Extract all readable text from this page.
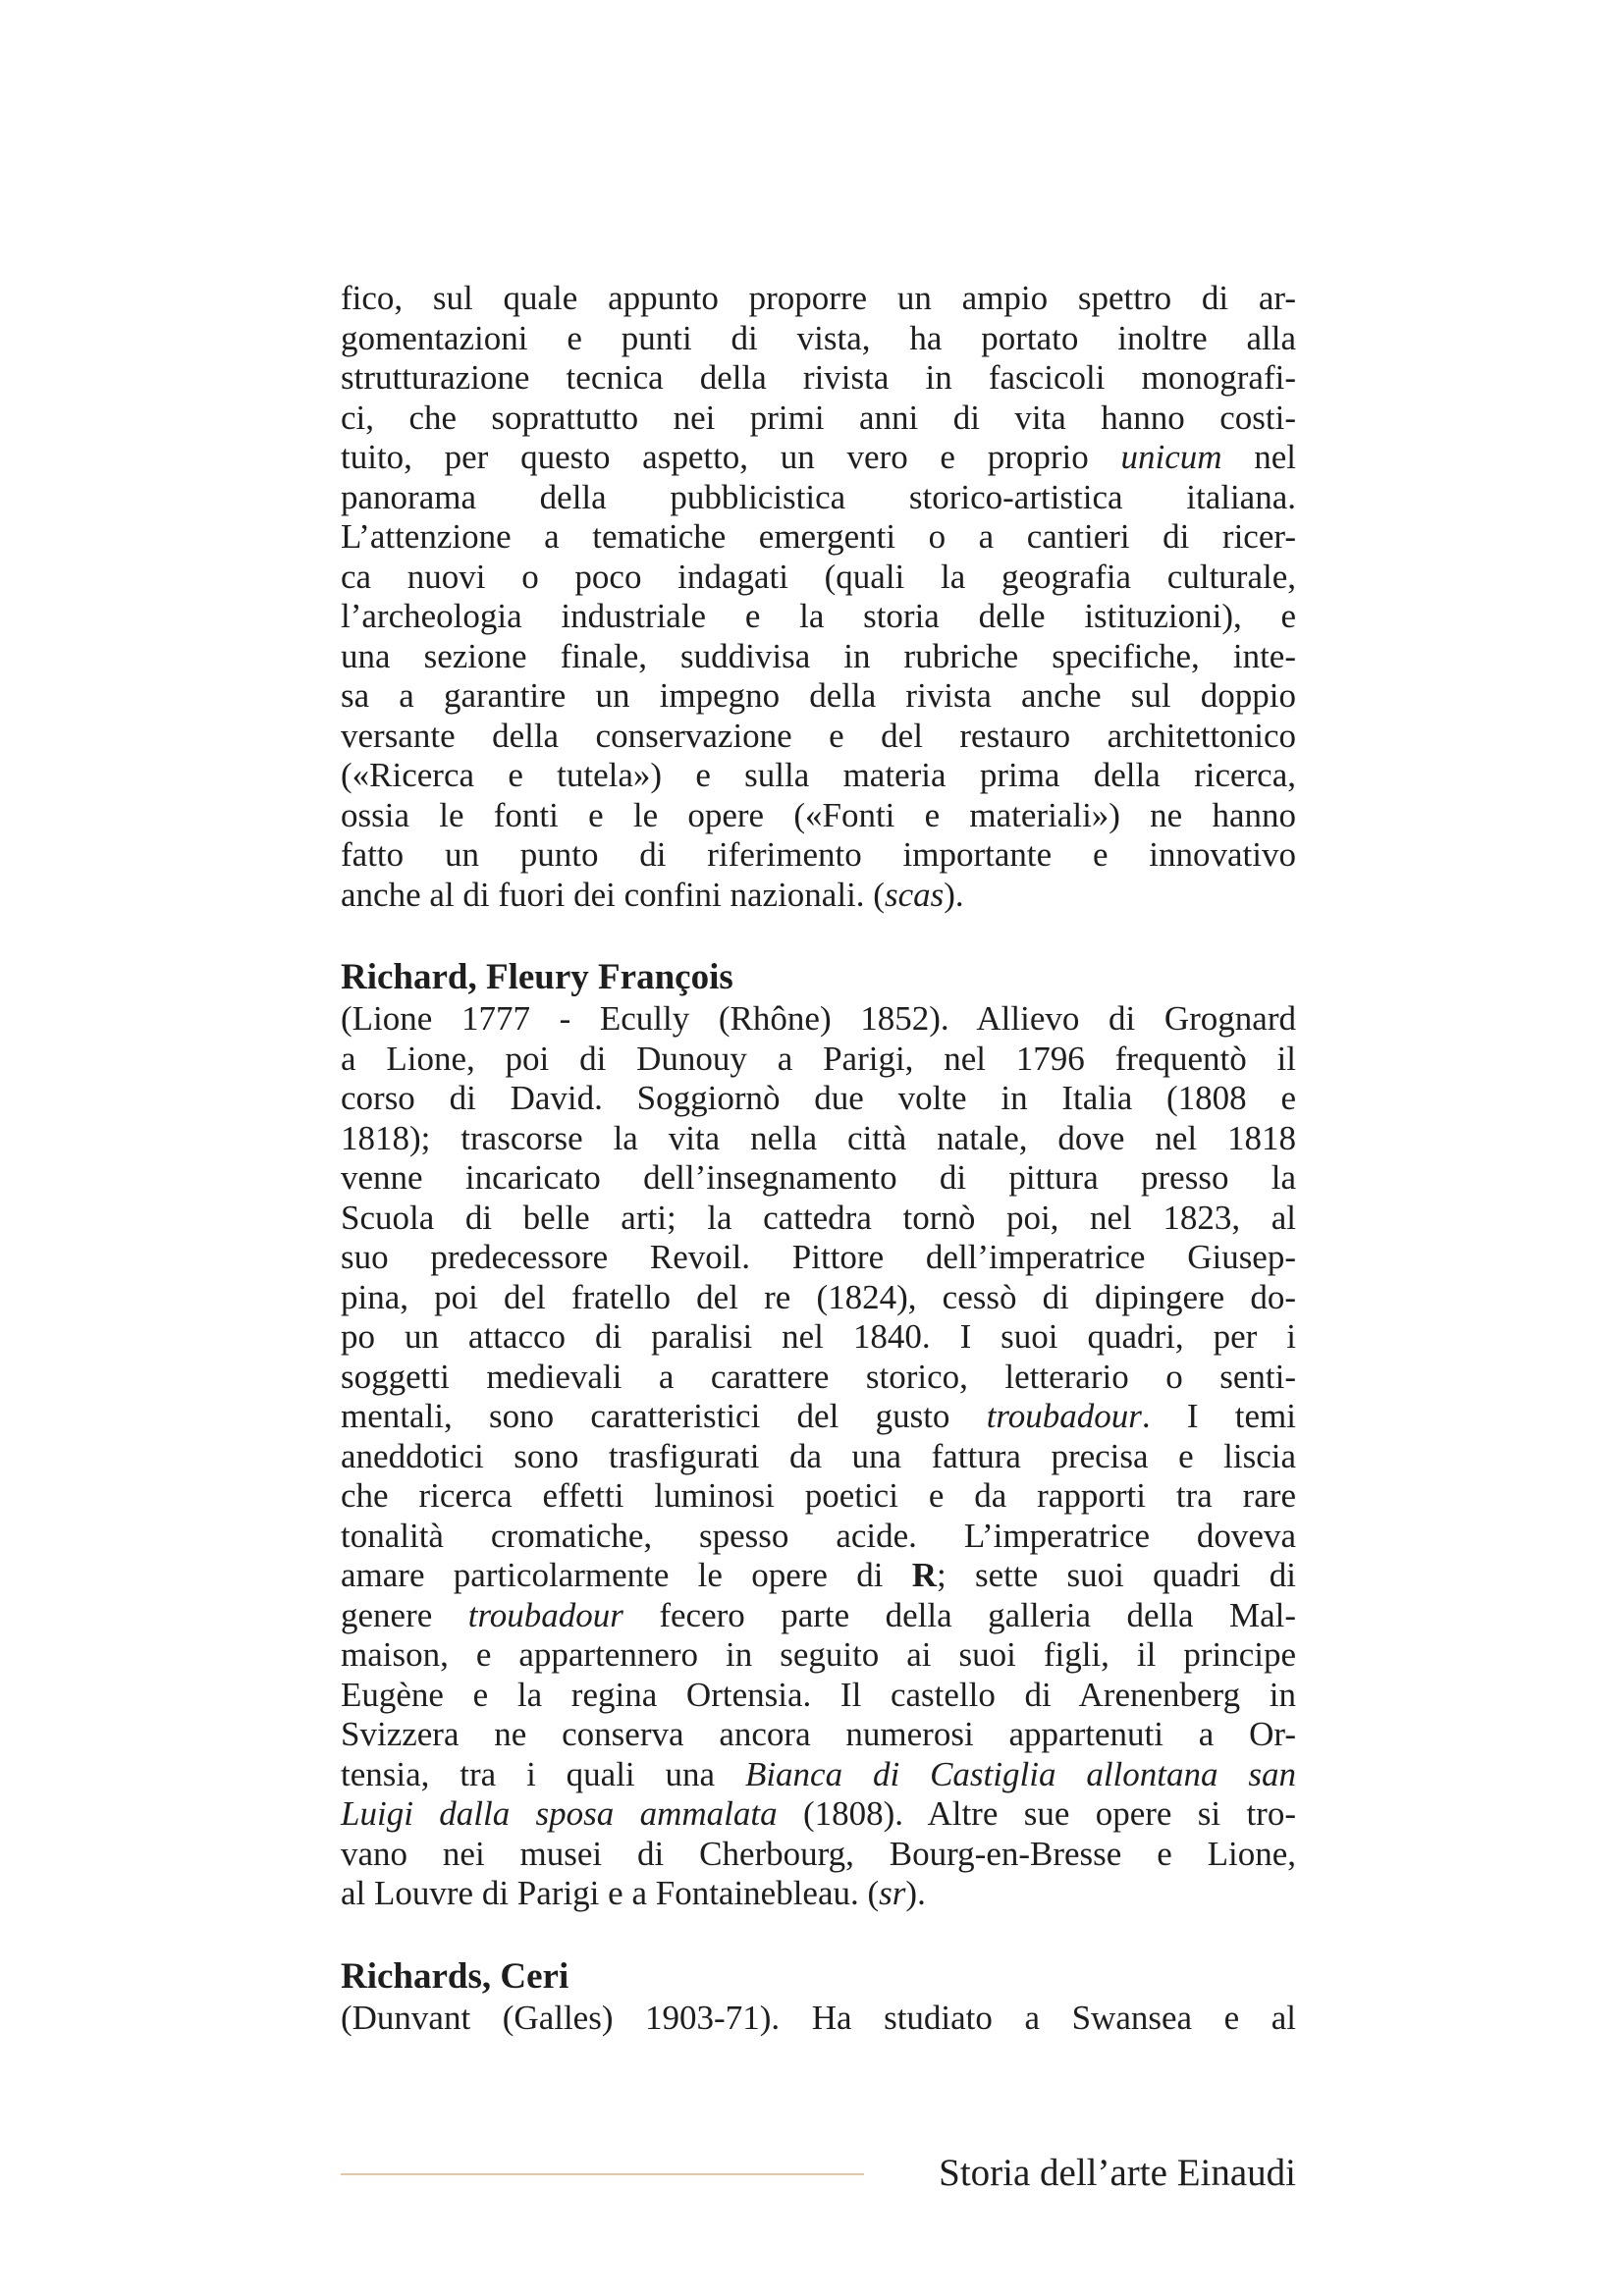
fico, sul quale appunto proporre un ampio spettro di ar-
gomentazioni e punti di vista, ha portato inoltre alla
strutturazione tecnica della rivista in fascicoli monografi-
ci, che soprattutto nei primi anni di vita hanno costi-
tuito, per questo aspetto, un vero e proprio unicum nel
panorama della pubblicistica storico-artistica italiana.
L’attenzione a tematiche emergenti o a cantieri di ricer-
ca nuovi o poco indagati (quali la geografia culturale,
l’archeologia industriale e la storia delle istituzioni), e
una sezione finale, suddivisa in rubriche specifiche, inte-
sa a garantire un impegno della rivista anche sul doppio
versante della conservazione e del restauro architettonico
(«Ricerca e tutela») e sulla materia prima della ricerca,
ossia le fonti e le opere («Fonti e materiali») ne hanno
fatto un punto di riferimento importante e innovativo
anche al di fuori dei confini nazionali. (scas).
Richard, Fleury François
(Lione 1777 - Ecully (Rhône) 1852). Allievo di Grognard
a Lione, poi di Dunouy a Parigi, nel 1796 frequentò il
corso di David. Soggiornò due volte in Italia (1808 e
1818); trascorse la vita nella città natale, dove nel 1818
venne incaricato dell’insegnamento di pittura presso la
Scuola di belle arti; la cattedra tornò poi, nel 1823, al
suo predecessore Revoil. Pittore dell’imperatrice Giusep-
pina, poi del fratello del re (1824), cessò di dipingere do-
po un attacco di paralisi nel 1840. I suoi quadri, per i
soggetti medievali a carattere storico, letterario o senti-
mentali, sono caratteristici del gusto troubadour. I temi
aneddotici sono trasfigurati da una fattura precisa e liscia
che ricerca effetti luminosi poetici e da rapporti tra rare
tonalità cromatiche, spesso acide. L’imperatrice doveva
amare particolarmente le opere di R; sette suoi quadri di
genere troubadour fecero parte della galleria della Mal-
maison, e appartennero in seguito ai suoi figli, il principe
Eugène e la regina Ortensia. Il castello di Arenenberg in
Svizzera ne conserva ancora numerosi appartenuti a Or-
tensia, tra i quali una Bianca di Castiglia allontana san
Luigi dalla sposa ammalata (1808). Altre sue opere si tro-
vano nei musei di Cherbourg, Bourg-en-Bresse e Lione,
al Louvre di Parigi e a Fontainebleau. (sr).
Richards, Ceri
(Dunvant (Galles) 1903-71). Ha studiato a Swansea e al
Storia dell’arte Einaudi
